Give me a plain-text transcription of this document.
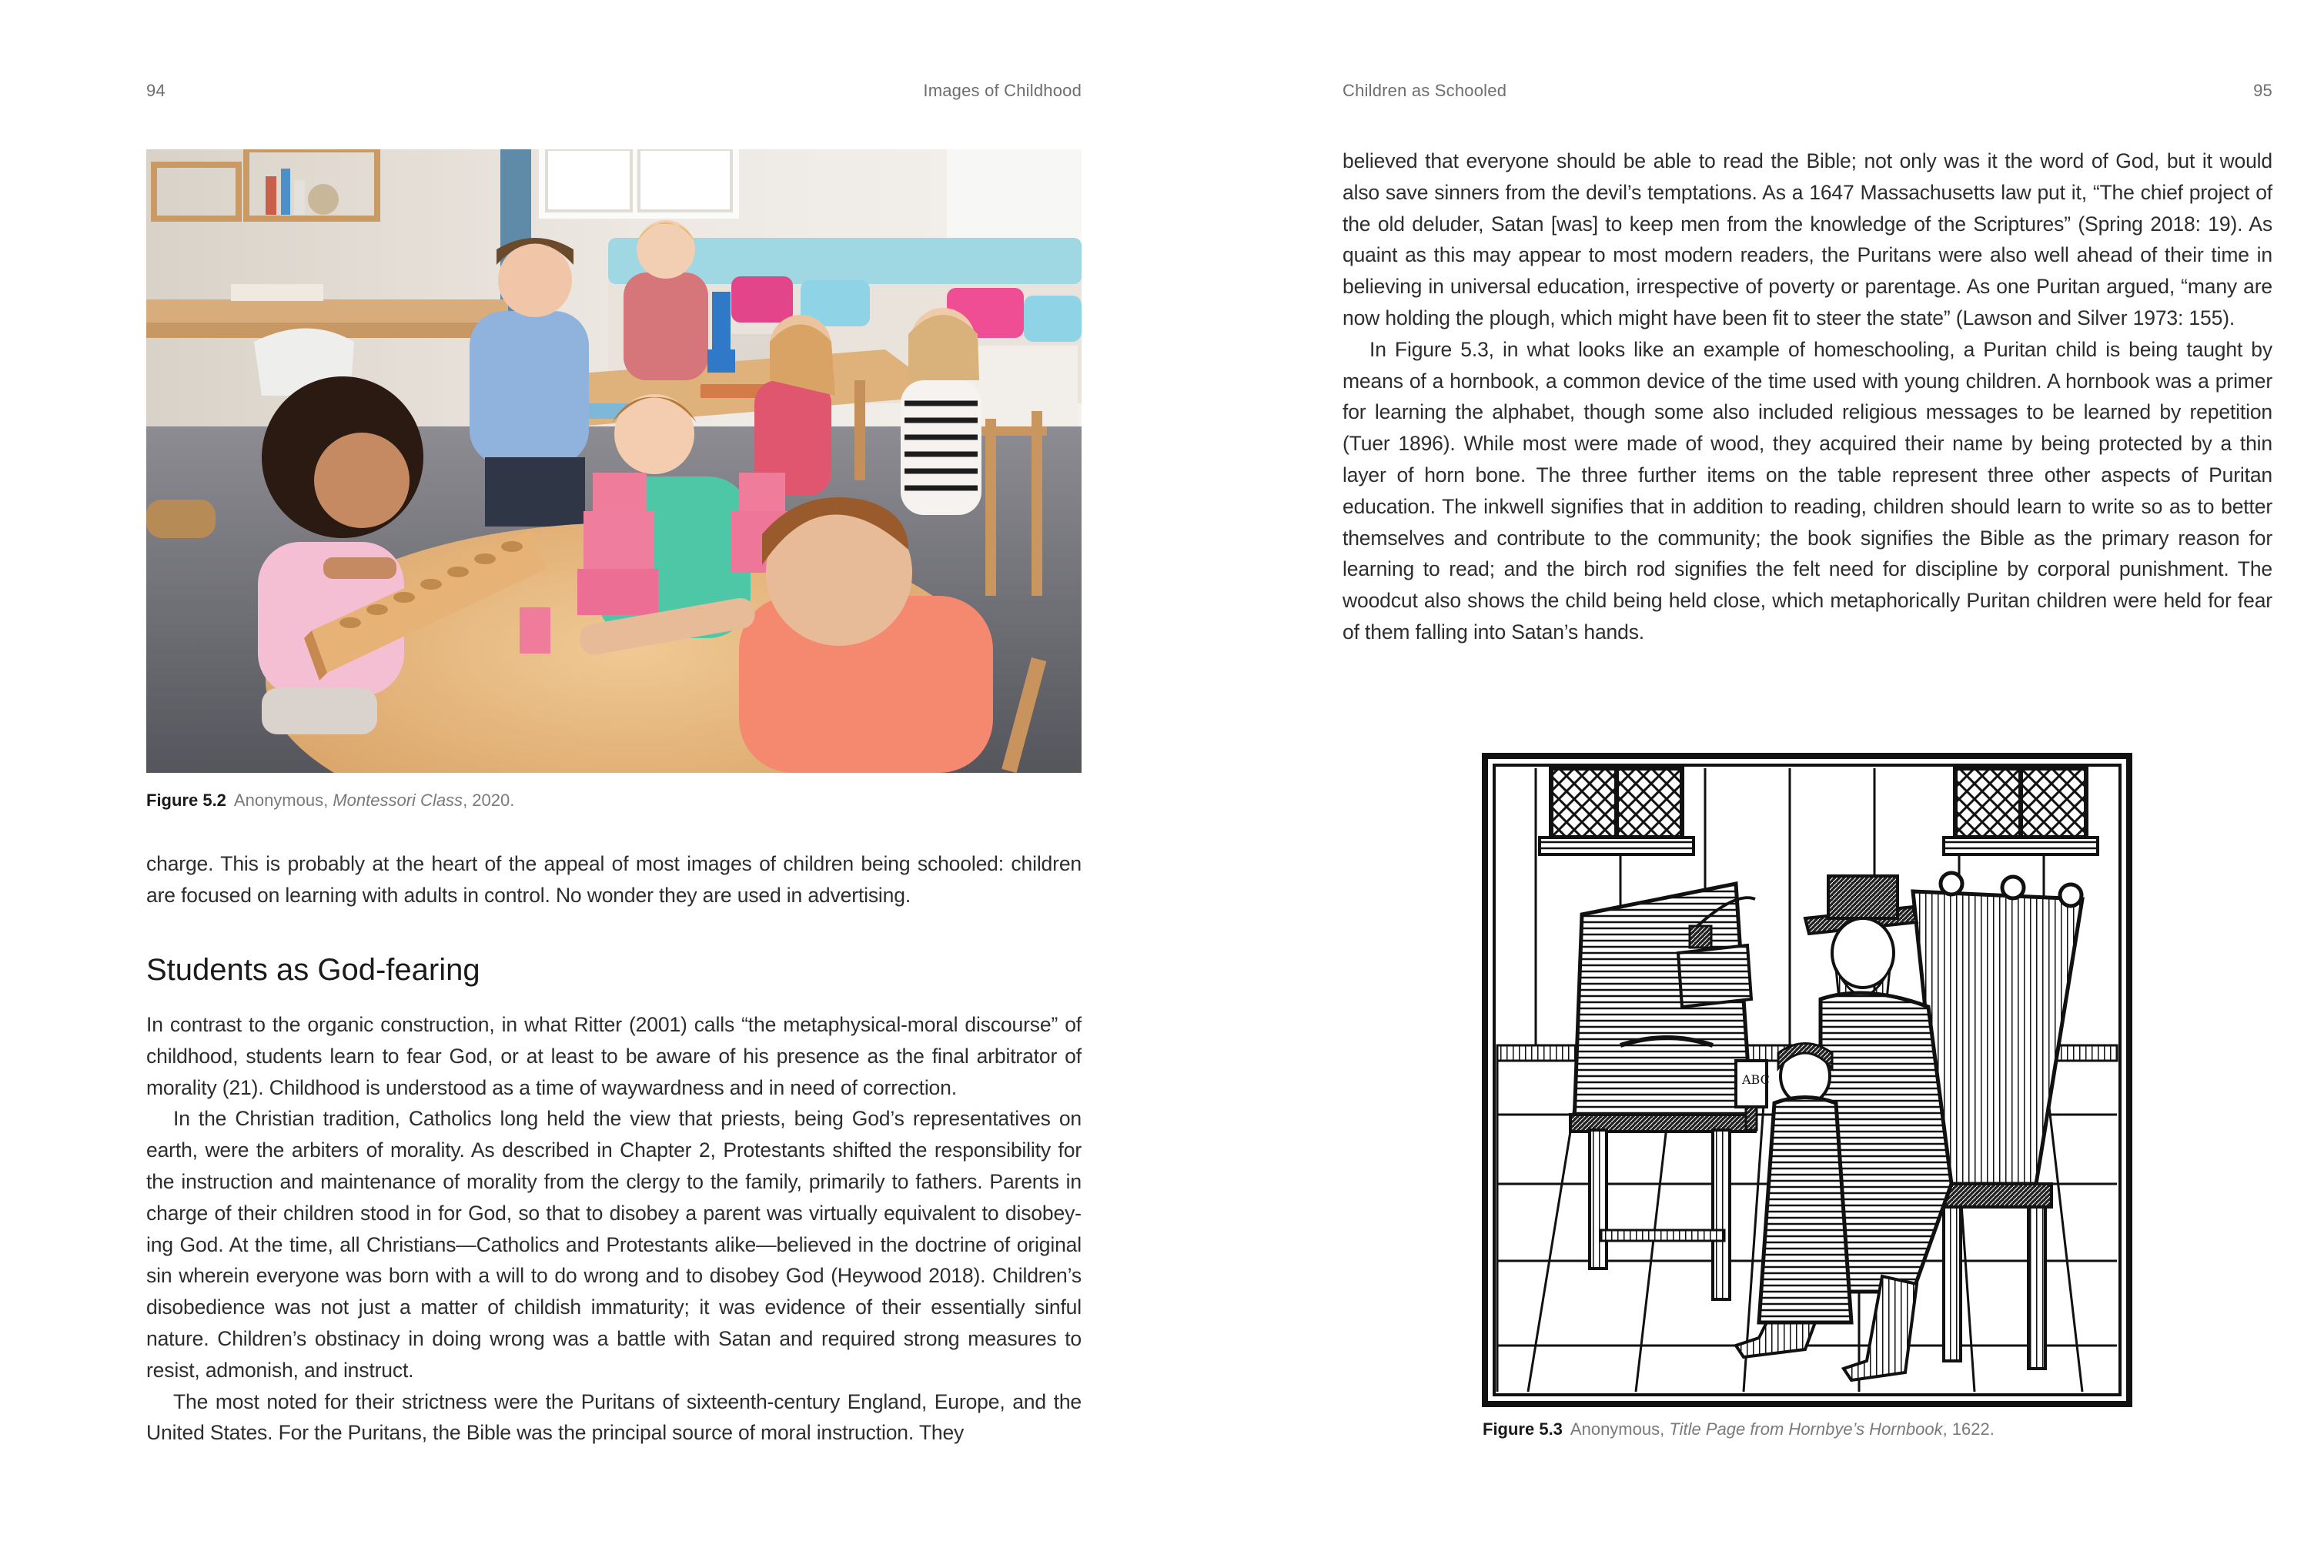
94	Images of Childhood
Figure 5.2 Anonymous, Montessori Class, 2020.

charge. This is probably at the heart of the appeal of most images of children being schooled: children are focused on learning with adults in control. No wonder they are used in advertising.

Students as God-fearing

In contrast to the organic construction, in what Ritter (2001) calls “the metaphysical-moral discourse” of childhood, students learn to fear God, or at least to be aware of his presence as the final arbitrator of morality (21). Childhood is understood as a time of waywardness and in need of correction.

In the Christian tradition, Catholics long held the view that priests, being God’s representatives on earth, were the arbiters of morality. As described in Chapter 2, Protestants shifted the responsibility for the instruction and maintenance of morality from the clergy to the family, primarily to fathers. Parents in charge of their children stood in for God, so that to disobey a parent was virtually equivalent to disobeying God. At the time, all Christians—Catholics and Protestants alike—believed in the doctrine of original sin wherein everyone was born with a will to do wrong and to disobey God (Heywood 2018). Children’s disobedience was not just a matter of childish immaturity; it was evidence of their essentially sinful nature. Children’s obstinacy in doing wrong was a battle with Satan and required strong measures to resist, admonish, and instruct.

The most noted for their strictness were the Puritans of sixteenth-century England, Europe, and the United States. For the Puritans, the Bible was the principal source of moral instruction. They

Children as Schooled	95

believed that everyone should be able to read the Bible; not only was it the word of God, but it would also save sinners from the devil’s temptations. As a 1647 Massachusetts law put it, “The chief project of the old deluder, Satan [was] to keep men from the knowledge of the Scriptures” (Spring 2018: 19). As quaint as this may appear to most modern readers, the Puritans were also well ahead of their time in believing in universal education, irrespective of poverty or parentage. As one Puritan argued, “many are now holding the plough, which might have been fit to steer the state” (Lawson and Silver 1973: 155).

In Figure 5.3, in what looks like an example of homeschooling, a Puritan child is being taught by means of a hornbook, a common device of the time used with young children. A hornbook was a primer for learning the alphabet, though some also included religious messages to be learned by repetition (Tuer 1896). While most were made of wood, they acquired their name by being protected by a thin layer of horn bone. The three further items on the table represent three other aspects of Puritan education. The inkwell signifies that in addition to reading, children should learn to write so as to better themselves and contribute to the community; the book signifies the Bible as the primary reason for learning to read; and the birch rod signifies the felt need for discipline by corporal punishment. The woodcut also shows the child being held close, which metaphorically Puritan children were held for fear of them falling into Satan’s hands.

ABC
Figure 5.3 Anonymous, Title Page from Hornbye’s Hornbook, 1622.
